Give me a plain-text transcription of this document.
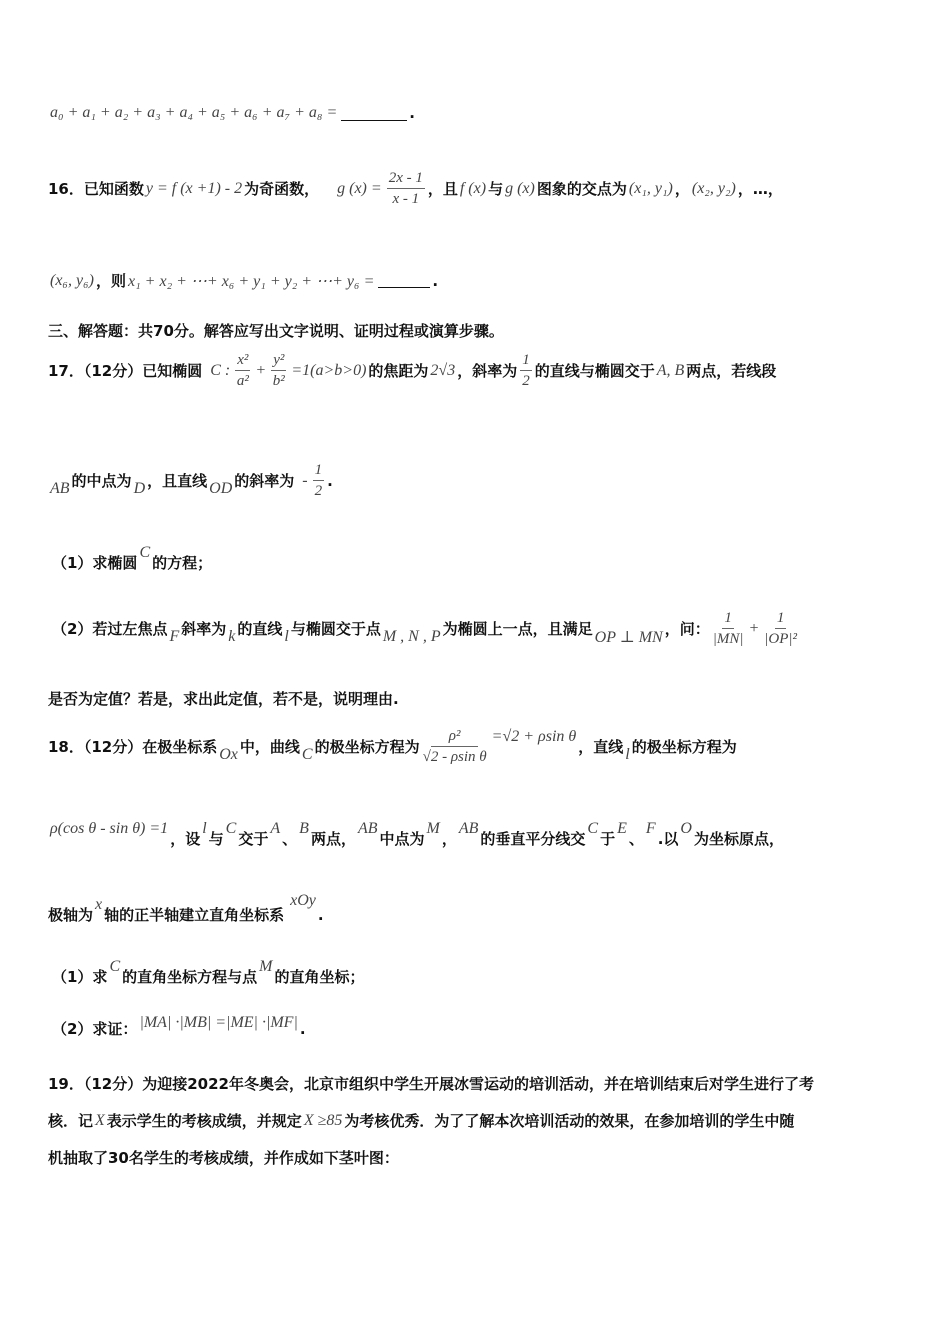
a₀ + a₁ + a₂ + a₃ + a₄ + a₅ + a₆ + a₇ + a₈ =	.
16．已知函数 y = f (x +1) - 2 为奇函数， g $(x) = \frac{2x - 1}{x - 1}$ ，且 f (x) 与 g (x) 图象的交点为 (x₁, y₁) ， (x₂, y₂) ，…，
(x₆, y₆) ，则 x₁ + x₂ + ⋯+ x₆ + y₁ + y₂ + ⋯+ y₆ =	.
三、解答题：共70分。解答应写出文字说明、证明过程或演算步骤。
17．（12分）已知椭圆 C : $\frac{\text{x²}}{\text{a²}} + \frac{\text{y²}}{\text{b²}} =1(a>b>0)$ 的焦距为 2√3 ，斜率为 $\frac{1}{2}$ 的直线与椭圆交于 A, B 两点，若线段
AB 的中点为 D ，且直线 OD 的斜率为 - $\frac{1}{2}$ .
（1）求椭圆
C
的方程；
（2）若过左焦点 F 斜率为 k 的直线 l 与椭圆交于点 M , N , P 为椭圆上一点，且满足 OP ⊥ MN ，问： $\frac{1}{|MN|} + \frac{1}{\text{|OP|²}}$
是否为定值？若是，求出此定值，若不是，说明理由.
18．（12分）在极坐标系 Ox 中，曲线 C 的极坐标方程为 $\frac{\text{ρ²}}{\text{√2 - ρsin θ}} =√2 + \rho\sin$ θ
，直线 l 的极坐标方程为
ρ(cos θ - sin θ) =1
，设
l
与
C
交于
A
、
B
两点，
AB
中点为
M
，
AB
的垂直平分线交
C
于
E
、
F
.以
O
为坐标原点，
极轴为
x
轴的正半轴建立直角坐标系
xOy
.
（1）求
C
的直角坐标方程与点
M
的直角坐标；
（2）求证： |MA| ·|MB| =|ME| ·|MF| .
19．（12分）为迎接2022年冬奥会，北京市组织中学生开展冰雪运动的培训活动，并在培训结束后对学生进行了考
核．记 X 表示学生的考核成绩，并规定 X ≥85 为考核优秀．为了了解本次培训活动的效果，在参加培训的学生中随
机抽取了30名学生的考核成绩，并作成如下茎叶图：
